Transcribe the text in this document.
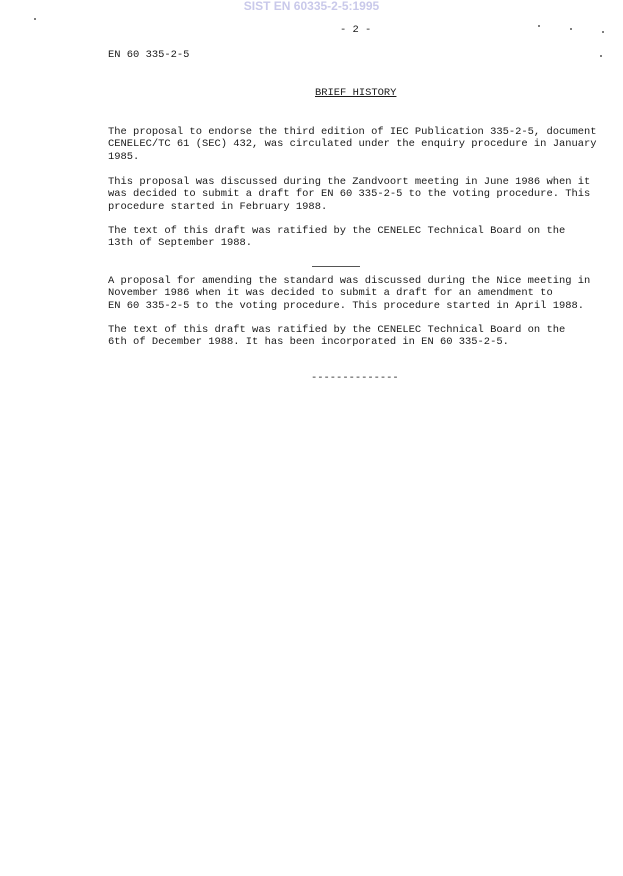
SIST EN 60335-2-5:1995
- 2 -
EN 60 335-2-5
BRIEF HISTORY
The proposal to endorse the third edition of IEC Publication 335-2-5, document
CENELEC/TC 61 (SEC) 432, was circulated under the enquiry procedure in January
1985.
This proposal was discussed during the Zandvoort meeting in June 1986 when it
was decided to submit a draft for EN 60 335-2-5 to the voting procedure. This
procedure started in February 1988.
The text of this draft was ratified by the CENELEC Technical Board on the
13th of September 1988.
A proposal for amending the standard was discussed during the Nice meeting in
November 1986 when it was decided to submit a draft for an amendment to
EN 60 335-2-5 to the voting procedure. This procedure started in April 1988.
The text of this draft was ratified by the CENELEC Technical Board on the
6th of December 1988. It has been incorporated in EN 60 335-2-5.
--------------
